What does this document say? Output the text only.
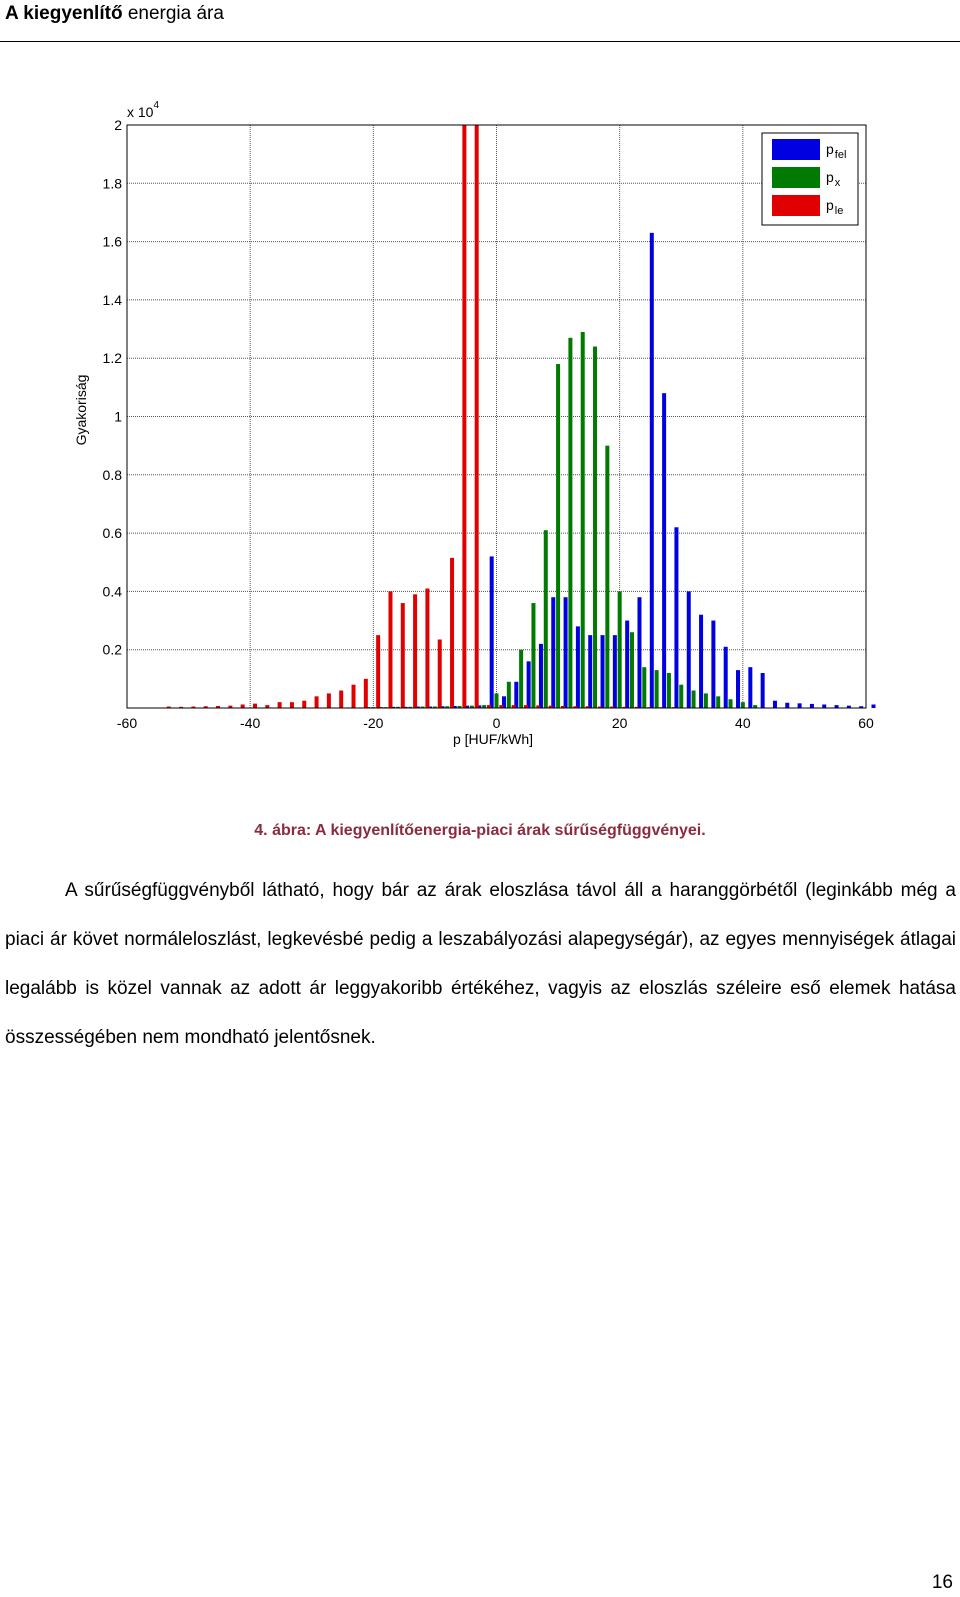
A kiegyenlítő energia ára
-60	-40	-20	0	20	40	60
0.2
0.4
0.6
0.8
1
1.2
1.4
1.6
1.8
2
x $10^4$
p [HUF/kWh]
Gyakoriság
$p_{fel}$
$p_x$
$p_{le}$
4. ábra: A kiegyenlítőenergia-piaci árak sűrűségfüggvényei.
A sűrűségfüggvényből látható, hogy bár az árak eloszlása távol áll a haranggörbétől (leginkább még a piaci ár követ normáleloszlást, legkevésbé pedig a leszabályozási alapegységár), az egyes mennyiségek átlagai legalább is közel vannak az adott ár leggyakoribb értékéhez, vagyis az eloszlás széleire eső elemek hatása összességében nem mondható jelentősnek.
16
